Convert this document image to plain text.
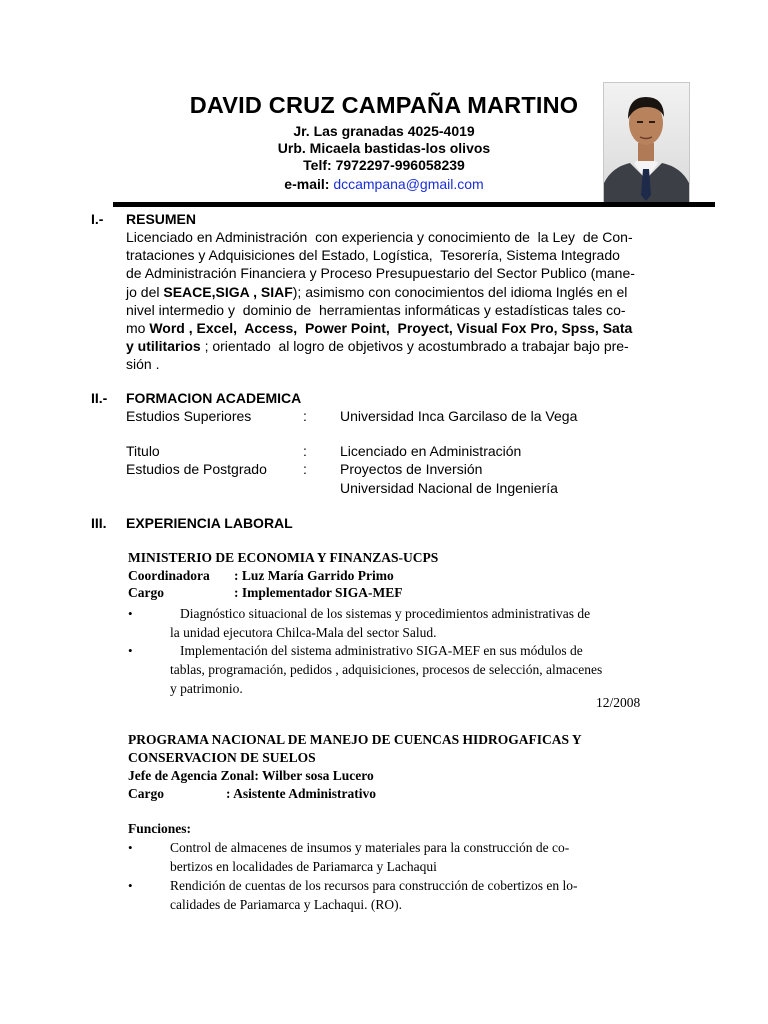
DAVID CRUZ CAMPAÑA MARTINO
Jr. Las granadas 4025-4019
Urb. Micaela bastidas-los olivos
Telf: 7972297-996058239
e-mail: dccampana@gmail.com
I.- RESUMEN
Licenciado en Administración  con experiencia y conocimiento de  la Ley  de Con-
trataciones y Adquisiciones del Estado, Logística,  Tesorería, Sistema Integrado
de Administración Financiera y Proceso Presupuestario del Sector Publico (mane-
jo del SEACE,SIGA , SIAF); asimismo con conocimientos del idioma Inglés en el
nivel intermedio y  dominio de  herramientas informáticas y estadísticas tales co-
mo Word , Excel,  Access,  Power Point,  Proyect, Visual Fox Pro, Spss, Sata
y utilitarios ; orientado  al logro de objetivos y acostumbrado a trabajar bajo pre-
sión .
II.- FORMACION ACADEMICA
Estudios Superiores	: Universidad Inca Garcilaso de la Vega
Titulo	: Licenciado en Administración
Estudios de Postgrado	: Proyectos de Inversión
Universidad Nacional de Ingeniería
III. EXPERIENCIA LABORAL
MINISTERIO DE ECONOMIA Y FINANZAS-UCPS
Coordinadora : Luz María Garrido Primo
Cargo	: Implementador SIGA-MEF
•	Diagnóstico situacional de los sistemas y procedimientos administrativas de
la unidad ejecutora Chilca-Mala del sector Salud.
•	Implementación del sistema administrativo SIGA-MEF en sus módulos de
tablas, programación, pedidos , adquisiciones, procesos de selección, almacenes
y patrimonio.
12/2008
PROGRAMA NACIONAL DE MANEJO DE CUENCAS HIDROGAFICAS Y
CONSERVACION DE SUELOS
Jefe de Agencia Zonal: Wilber sosa Lucero
Cargo	: Asistente Administrativo
Funciones:
•	Control de almacenes de insumos y materiales para la construcción de co-
bertizos en localidades de Pariamarca y Lachaqui
•	Rendición de cuentas de los recursos para construcción de cobertizos en lo-
calidades de Pariamarca y Lachaqui. (RO).
